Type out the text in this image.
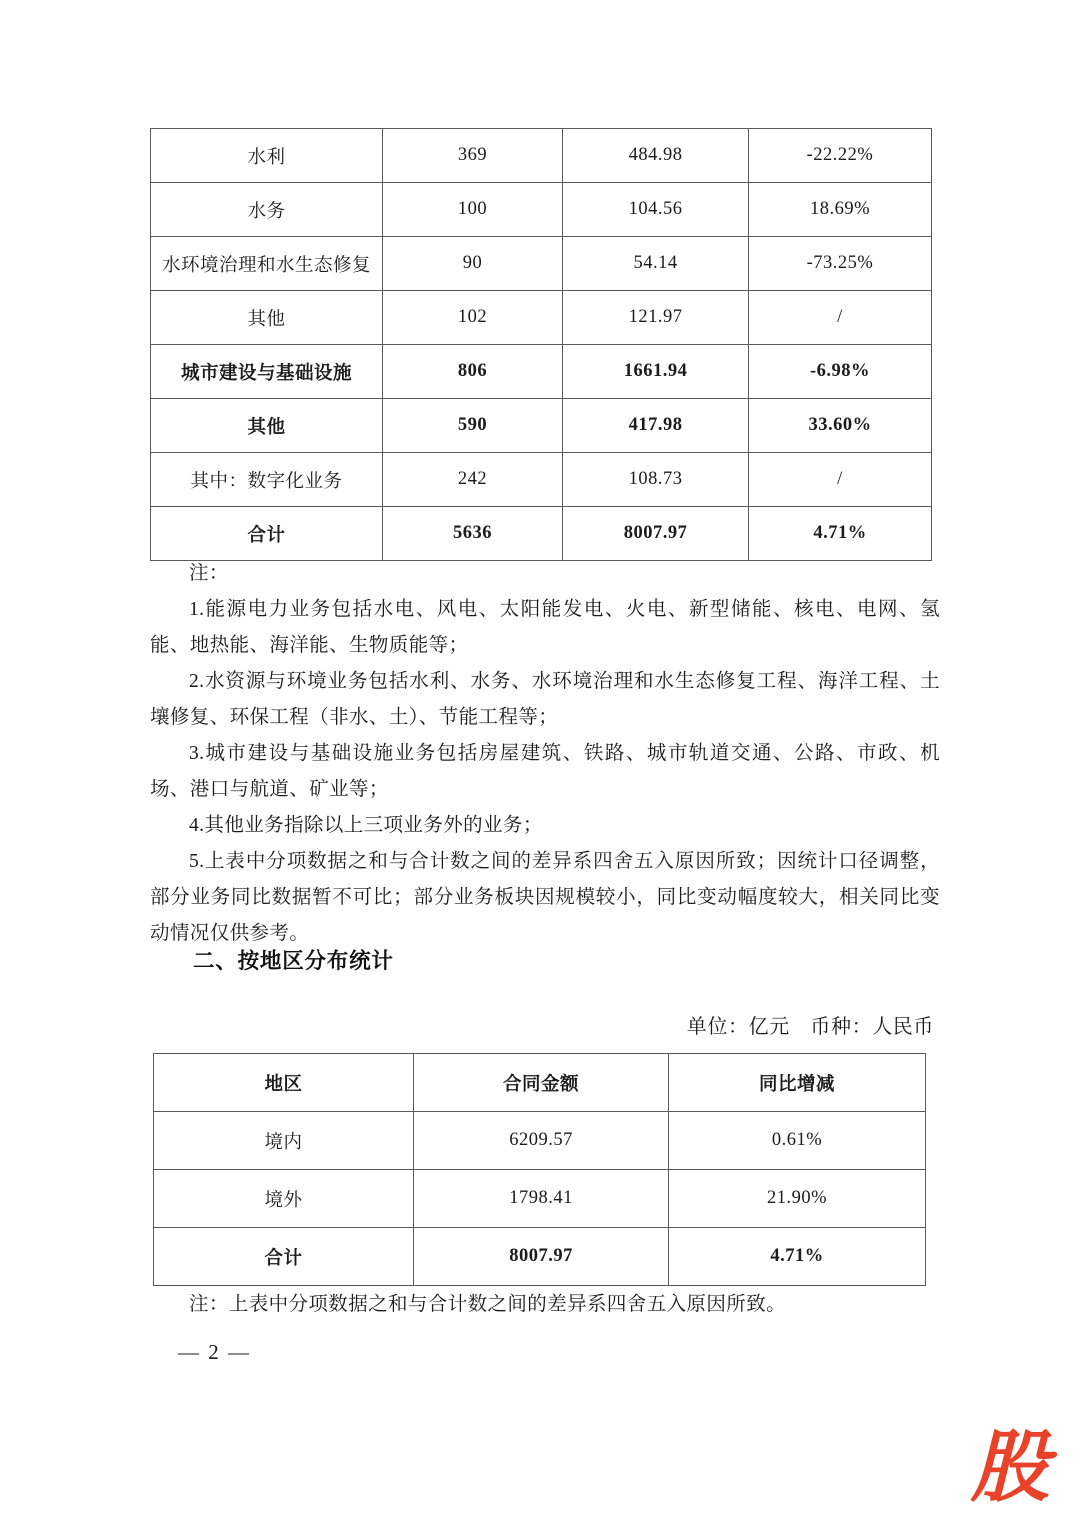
水利	369	484.98	-22.22%
水务	100	104.56	18.69%
水环境治理和水生态修复	90	54.14	-73.25%
其他	102	121.97	/
城市建设与基础设施	806	1661.94	-6.98%
其他	590	417.98	33.60%
其中：数字化业务	242	108.73	/
合计	5636	8007.97	4.71%
注：
1.能源电力业务包括水电、风电、太阳能发电、火电、新型储能、核电、电网、氢能、地热能、海洋能、生物质能等；
2.水资源与环境业务包括水利、水务、水环境治理和水生态修复工程、海洋工程、土壤修复、环保工程（非水、土）、节能工程等；
3.城市建设与基础设施业务包括房屋建筑、铁路、城市轨道交通、公路、市政、机场、港口与航道、矿业等；
4.其他业务指除以上三项业务外的业务；
5.上表中分项数据之和与合计数之间的差异系四舍五入原因所致；因统计口径调整，部分业务同比数据暂不可比；部分业务板块因规模较小，同比变动幅度较大，相关同比变动情况仅供参考。
二、按地区分布统计
单位：亿元　币种：人民币
地区	合同金额	同比增减
境内	6209.57	0.61%
境外	1798.41	21.90%
合计	8007.97	4.71%
注：上表中分项数据之和与合计数之间的差异系四舍五入原因所致。
— 2 —
股
